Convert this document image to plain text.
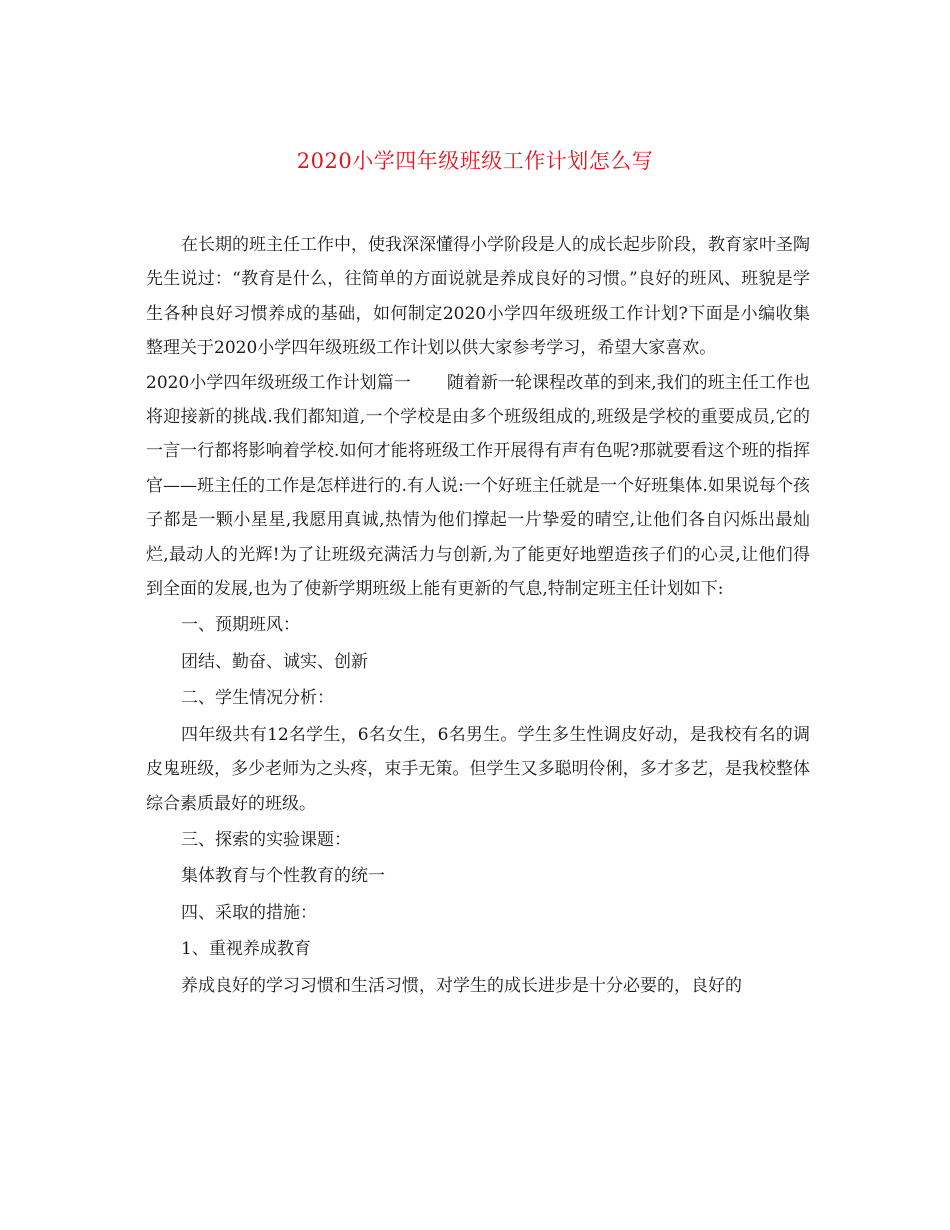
2020小学四年级班级工作计划怎么写

在长期的班主任工作中，使我深深懂得小学阶段是人的成长起步阶段，教育家叶圣陶先生说过：“教育是什么，往简单的方面说就是养成良好的习惯。”良好的班风、班貌是学生各种良好习惯养成的基础，如何制定2020小学四年级班级工作计划?下面是小编收集整理关于2020小学四年级班级工作计划以供大家参考学习，希望大家喜欢。

2020小学四年级班级工作计划篇一 随着新一轮课程改革的到来,我们的班主任工作也将迎接新的挑战.我们都知道,一个学校是由多个班级组成的,班级是学校的重要成员,它的一言一行都将影响着学校.如何才能将班级工作开展得有声有色呢?那就要看这个班的指挥官——班主任的工作是怎样进行的.有人说:一个好班主任就是一个好班集体.如果说每个孩子都是一颗小星星,我愿用真诚,热情为他们撑起一片挚爱的晴空,让他们各自闪烁出最灿烂,最动人的光辉!为了让班级充满活力与创新,为了能更好地塑造孩子们的心灵,让他们得到全面的发展,也为了使新学期班级上能有更新的气息,特制定班主任计划如下:

一、预期班风：

团结、勤奋、诚实、创新

二、学生情况分析：

四年级共有12名学生，6名女生，6名男生。学生多生性调皮好动，是我校有名的调皮鬼班级，多少老师为之头疼，束手无策。但学生又多聪明伶俐，多才多艺，是我校整体综合素质最好的班级。

三、探索的实验课题：

集体教育与个性教育的统一

四、采取的措施：

1、重视养成教育

养成良好的学习习惯和生活习惯，对学生的成长进步是十分必要的，良好的
